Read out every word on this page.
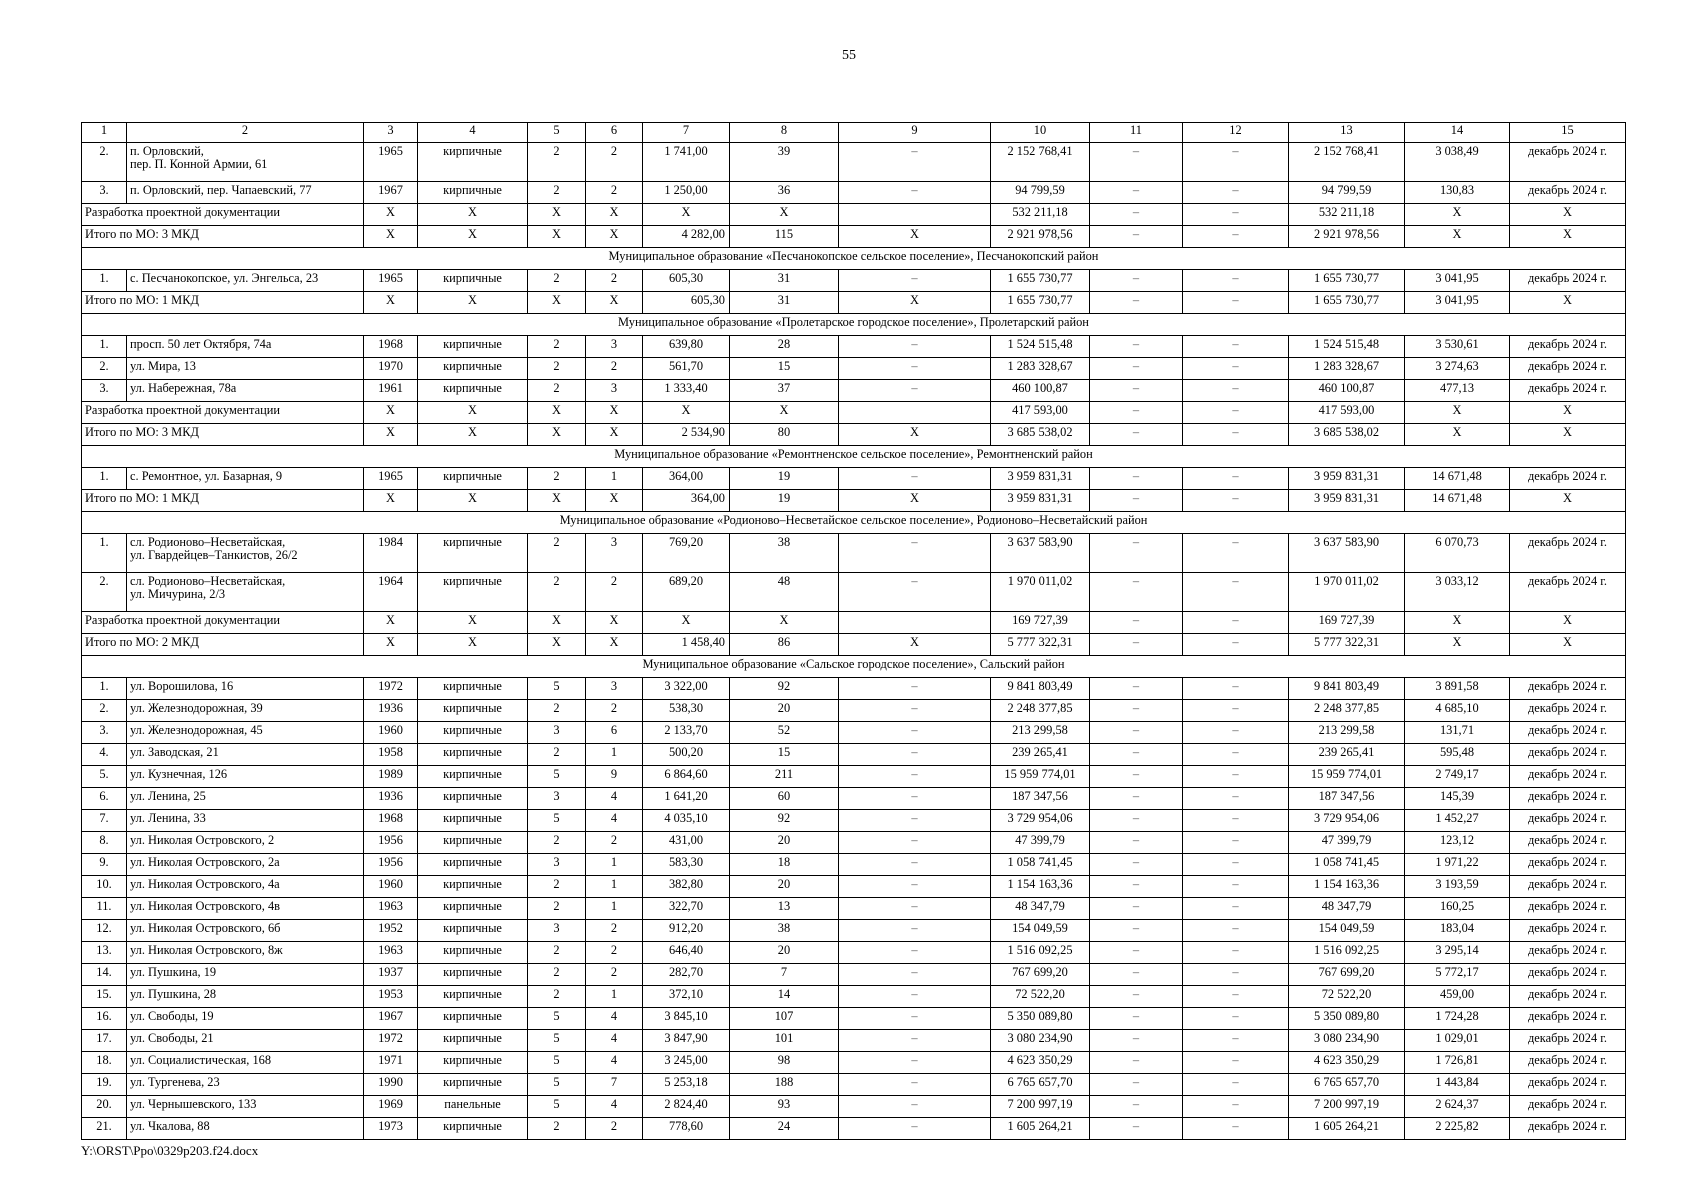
55
1	2	3	4	5	6	7	8	9	10	11	12	13	14	15
2.	п. Орловский,
пер. П. Конной Армии, 61	1965	кирпичные	2	2	1 741,00	39	–	2 152 768,41	–	–	2 152 768,41	3 038,49	декабрь 2024 г.
3.	п. Орловский, пер. Чапаевский, 77	1967	кирпичные	2	2	1 250,00	36	–	94 799,59	–	–	94 799,59	130,83	декабрь 2024 г.
Разработка проектной документации		X	X	X	X	X	X		532 211,18	–	–	532 211,18	X	X
Итого по МО: 3 МКД		X	X	X	X	4 282,00	115	X	2 921 978,56	–	–	2 921 978,56	X	X
Муниципальное образование «Песчанокопское сельское поселение», Песчанокопский район														
1.	с. Песчанокопское, ул. Энгельса, 23	1965	кирпичные	2	2	605,30	31	–	1 655 730,77	–	–	1 655 730,77	3 041,95	декабрь 2024 г.
Итого по МО: 1 МКД		X	X	X	X	605,30	31	X	1 655 730,77	–	–	1 655 730,77	3 041,95	X
Муниципальное образование «Пролетарское городское поселение», Пролетарский район														
1.	просп. 50 лет Октября, 74а	1968	кирпичные	2	3	639,80	28	–	1 524 515,48	–	–	1 524 515,48	3 530,61	декабрь 2024 г.
2.	ул. Мира, 13	1970	кирпичные	2	2	561,70	15	–	1 283 328,67	–	–	1 283 328,67	3 274,63	декабрь 2024 г.
3.	ул. Набережная, 78а	1961	кирпичные	2	3	1 333,40	37	–	460 100,87	–	–	460 100,87	477,13	декабрь 2024 г.
Разработка проектной документации		X	X	X	X	X	X		417 593,00	–	–	417 593,00	X	X
Итого по МО: 3 МКД		X	X	X	X	2 534,90	80	X	3 685 538,02	–	–	3 685 538,02	X	X
Муниципальное образование «Ремонтненское сельское поселение», Ремонтненский район														
1.	с. Ремонтное, ул. Базарная, 9	1965	кирпичные	2	1	364,00	19	–	3 959 831,31	–	–	3 959 831,31	14 671,48	декабрь 2024 г.
Итого по МО: 1 МКД		X	X	X	X	364,00	19	X	3 959 831,31	–	–	3 959 831,31	14 671,48	X
Муниципальное образование «Родионово–Несветайское сельское поселение», Родионово–Несветайский район														
1.	сл. Родионово–Несветайская,
ул. Гвардейцев–Танкистов, 26/2	1984	кирпичные	2	3	769,20	38	–	3 637 583,90	–	–	3 637 583,90	6 070,73	декабрь 2024 г.
2.	сл. Родионово–Несветайская,
ул. Мичурина, 2/3	1964	кирпичные	2	2	689,20	48	–	1 970 011,02	–	–	1 970 011,02	3 033,12	декабрь 2024 г.
Разработка проектной документации		X	X	X	X	X	X		169 727,39	–	–	169 727,39	X	X
Итого по МО: 2 МКД		X	X	X	X	1 458,40	86	X	5 777 322,31	–	–	5 777 322,31	X	X
Муниципальное образование «Сальское городское поселение», Сальский район														
1.	ул. Ворошилова, 16	1972	кирпичные	5	3	3 322,00	92	–	9 841 803,49	–	–	9 841 803,49	3 891,58	декабрь 2024 г.
2.	ул. Железнодорожная, 39	1936	кирпичные	2	2	538,30	20	–	2 248 377,85	–	–	2 248 377,85	4 685,10	декабрь 2024 г.
3.	ул. Железнодорожная, 45	1960	кирпичные	3	6	2 133,70	52	–	213 299,58	–	–	213 299,58	131,71	декабрь 2024 г.
4.	ул. Заводская, 21	1958	кирпичные	2	1	500,20	15	–	239 265,41	–	–	239 265,41	595,48	декабрь 2024 г.
5.	ул. Кузнечная, 126	1989	кирпичные	5	9	6 864,60	211	–	15 959 774,01	–	–	15 959 774,01	2 749,17	декабрь 2024 г.
6.	ул. Ленина, 25	1936	кирпичные	3	4	1 641,20	60	–	187 347,56	–	–	187 347,56	145,39	декабрь 2024 г.
7.	ул. Ленина, 33	1968	кирпичные	5	4	4 035,10	92	–	3 729 954,06	–	–	3 729 954,06	1 452,27	декабрь 2024 г.
8.	ул. Николая Островского, 2	1956	кирпичные	2	2	431,00	20	–	47 399,79	–	–	47 399,79	123,12	декабрь 2024 г.
9.	ул. Николая Островского, 2а	1956	кирпичные	3	1	583,30	18	–	1 058 741,45	–	–	1 058 741,45	1 971,22	декабрь 2024 г.
10.	ул. Николая Островского, 4а	1960	кирпичные	2	1	382,80	20	–	1 154 163,36	–	–	1 154 163,36	3 193,59	декабрь 2024 г.
11.	ул. Николая Островского, 4в	1963	кирпичные	2	1	322,70	13	–	48 347,79	–	–	48 347,79	160,25	декабрь 2024 г.
12.	ул. Николая Островского, 6б	1952	кирпичные	3	2	912,20	38	–	154 049,59	–	–	154 049,59	183,04	декабрь 2024 г.
13.	ул. Николая Островского, 8ж	1963	кирпичные	2	2	646,40	20	–	1 516 092,25	–	–	1 516 092,25	3 295,14	декабрь 2024 г.
14.	ул. Пушкина, 19	1937	кирпичные	2	2	282,70	7	–	767 699,20	–	–	767 699,20	5 772,17	декабрь 2024 г.
15.	ул. Пушкина, 28	1953	кирпичные	2	1	372,10	14	–	72 522,20	–	–	72 522,20	459,00	декабрь 2024 г.
16.	ул. Свободы, 19	1967	кирпичные	5	4	3 845,10	107	–	5 350 089,80	–	–	5 350 089,80	1 724,28	декабрь 2024 г.
17.	ул. Свободы, 21	1972	кирпичные	5	4	3 847,90	101	–	3 080 234,90	–	–	3 080 234,90	1 029,01	декабрь 2024 г.
18.	ул. Социалистическая, 168	1971	кирпичные	5	4	3 245,00	98	–	4 623 350,29	–	–	4 623 350,29	1 726,81	декабрь 2024 г.
19.	ул. Тургенева, 23	1990	кирпичные	5	7	5 253,18	188	–	6 765 657,70	–	–	6 765 657,70	1 443,84	декабрь 2024 г.
20.	ул. Чернышевского, 133	1969	панельные	5	4	2 824,40	93	–	7 200 997,19	–	–	7 200 997,19	2 624,37	декабрь 2024 г.
21.	ул. Чкалова, 88	1973	кирпичные	2	2	778,60	24	–	1 605 264,21	–	–	1 605 264,21	2 225,82	декабрь 2024 г.
Y:\ORST\Ppo\0329p203.f24.docx
